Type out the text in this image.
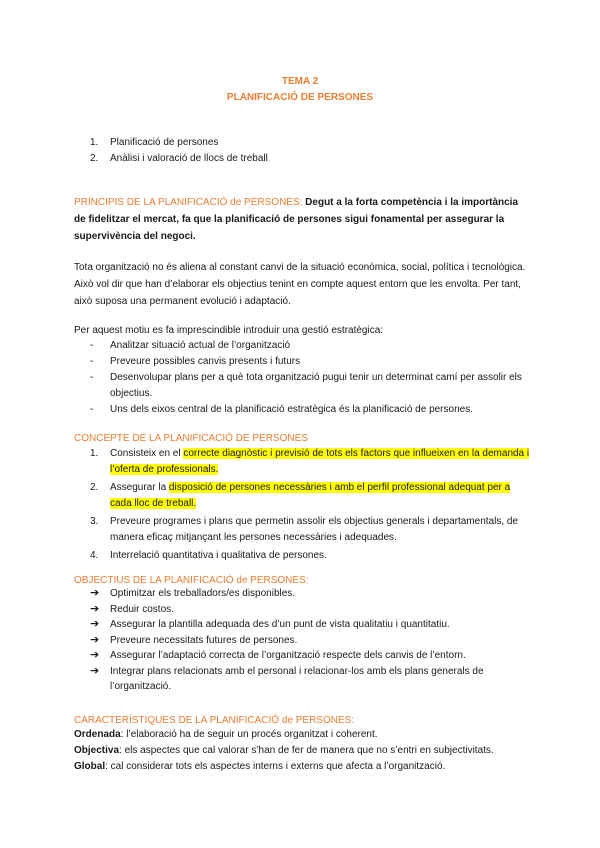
TEMA 2
PLANIFICACIÓ DE PERSONES
1. Planificació de persones
2. Anàlisi i valoració de llocs de treball
PRINCIPIS DE LA PLANIFICACIÓ de PERSONES: Degut a la forta competència i la importància de fidelitzar el mercat, fa que la planificació de persones sigui fonamental per assegurar la supervivència del negoci.
Tota organització no és aliena al constant canvi de la situació econòmica, social, política i tecnològica. Això vol dir que han d’elaborar els objectius tenint en compte aquest entorn que les envolta. Per tant, això suposa una permanent evolució i adaptació.
Per aquest motiu es fa imprescindible introduir una gestió estratègica:
- Analitzar situació actual de l’organització
- Preveure possibles canvis presents i futurs
- Desenvolupar plans per a què tota organització pugui tenir un determinat camí per assolir els objectius.
- Uns dels eixos central de la planificació estratègica és la planificació de persones.
CONCEPTE DE LA PLANIFICACIÓ DE PERSONES
1. Consisteix en el correcte diagnòstic i previsió de tots els factors que influeixen en la demanda i l’oferta de professionals.
2. Assegurar la disposició de persones necessàries i amb el perfil professional adequat per a cada lloc de treball.
3. Preveure programes i plans que permetin assolir els objectius generals i departamentals, de manera eficaç mitjançant les persones necessàries i adequades.
4. Interrelació quantitativa i qualitativa de persones.
OBJECTIUS DE LA PLANIFICACIÓ de PERSONES:
➔ Optimitzar els treballadors/es disponibles.
➔ Reduir costos.
➔ Assegurar la plantilla adequada des d’un punt de vista qualitatiu i quantitatiu.
➔ Preveure necessitats futures de persones.
➔ Assegurar l’adaptació correcta de l’organització respecte dels canvis de l’entorn.
➔ Integrar plans relacionats amb el personal i relacionar-los amb els plans generals de l’organització.
CARACTERÍSTIQUES DE LA PLANIFICACIÓ de PERSONES:
Ordenada: l’elaboració ha de seguir un procés organitzat i coherent.
Objectiva: els aspectes que cal valorar s’han de fer de manera que no s’entri en subjectivitats.
Global: cal considerar tots els aspectes interns i externs que afecta a l’organització.
